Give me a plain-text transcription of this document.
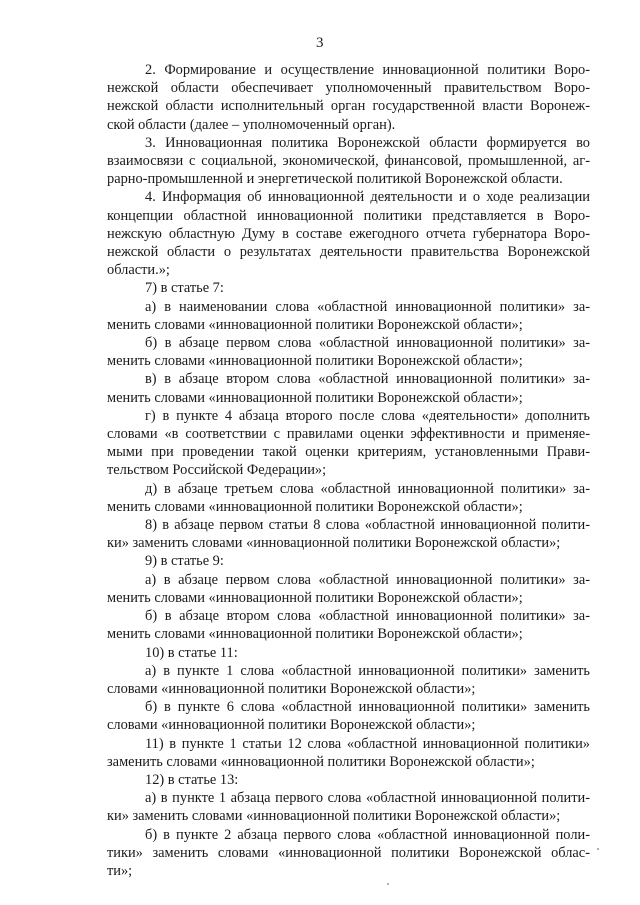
3
2. Формирование и осуществление инновационной политики Воро-
нежской области обеспечивает уполномоченный правительством Воро-
нежской области исполнительный орган государственной власти Воронеж-
ской области (далее – уполномоченный орган).
3. Инновационная политика Воронежской области формируется во
взаимосвязи с социальной, экономической, финансовой, промышленной, аг-
рарно-промышленной и энергетической политикой Воронежской области.
4. Информация об инновационной деятельности и о ходе реализации
концепции областной инновационной политики представляется в Воро-
нежскую областную Думу в составе ежегодного отчета губернатора Воро-
нежской области о результатах деятельности правительства Воронежской
области.»;
7) в статье 7:
а) в наименовании слова «областной инновационной политики» за-
менить словами «инновационной политики Воронежской области»;
б) в абзаце первом слова «областной инновационной политики» за-
менить словами «инновационной политики Воронежской области»;
в) в абзаце втором слова «областной инновационной политики» за-
менить словами «инновационной политики Воронежской области»;
г) в пункте 4 абзаца второго после слова «деятельности» дополнить
словами «в соответствии с правилами оценки эффективности и применяе-
мыми при проведении такой оценки критериям, установленными Прави-
тельством Российской Федерации»;
д) в абзаце третьем слова «областной инновационной политики» за-
менить словами «инновационной политики Воронежской области»;
8) в абзаце первом статьи 8 слова «областной инновационной полити-
ки» заменить словами «инновационной политики Воронежской области»;
9) в статье 9:
а) в абзаце первом слова «областной инновационной политики» за-
менить словами «инновационной политики Воронежской области»;
б) в абзаце втором слова «областной инновационной политики» за-
менить словами «инновационной политики Воронежской области»;
10) в статье 11:
а) в пункте 1 слова «областной инновационной политики» заменить
словами «инновационной политики Воронежской области»;
б) в пункте 6 слова «областной инновационной политики» заменить
словами «инновационной политики Воронежской области»;
11) в пункте 1 статьи 12 слова «областной инновационной политики»
заменить словами «инновационной политики Воронежской области»;
12) в статье 13:
а) в пункте 1 абзаца первого слова «областной инновационной полити-
ки» заменить словами «инновационной политики Воронежской области»;
б) в пункте 2 абзаца первого слова «областной инновационной поли-
тики» заменить словами «инновационной политики Воронежской облас-
ти»;
